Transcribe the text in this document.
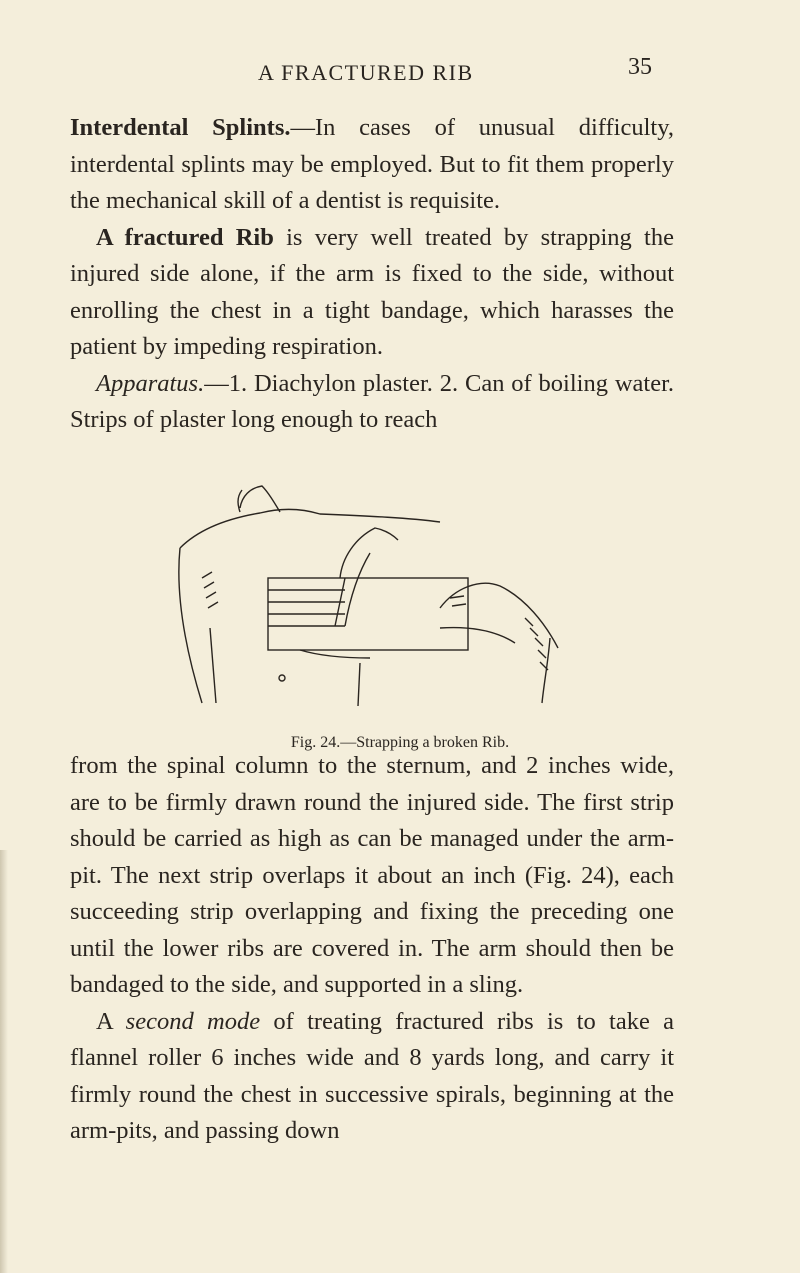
A FRACTURED RIB	35

Interdental Splints.—In cases of unusual difficulty, interdental splints may be employed. But to fit them properly the mechanical skill of a dentist is requisite.

A fractured Rib is very well treated by strapping the injured side alone, if the arm is fixed to the side, without enrolling the chest in a tight bandage, which harasses the patient by impeding respiration.

Apparatus.—1. Diachylon plaster. 2. Can of boiling water. Strips of plaster long enough to reach

Fig. 24.—Strapping a broken Rib.

from the spinal column to the sternum, and 2 inches wide, are to be firmly drawn round the injured side. The first strip should be carried as high as can be managed under the arm-pit. The next strip overlaps it about an inch (Fig. 24), each succeeding strip overlapping and fixing the preceding one until the lower ribs are covered in. The arm should then be bandaged to the side, and supported in a sling.

A second mode of treating fractured ribs is to take a flannel roller 6 inches wide and 8 yards long, and carry it firmly round the chest in successive spirals, beginning at the arm-pits, and passing down
